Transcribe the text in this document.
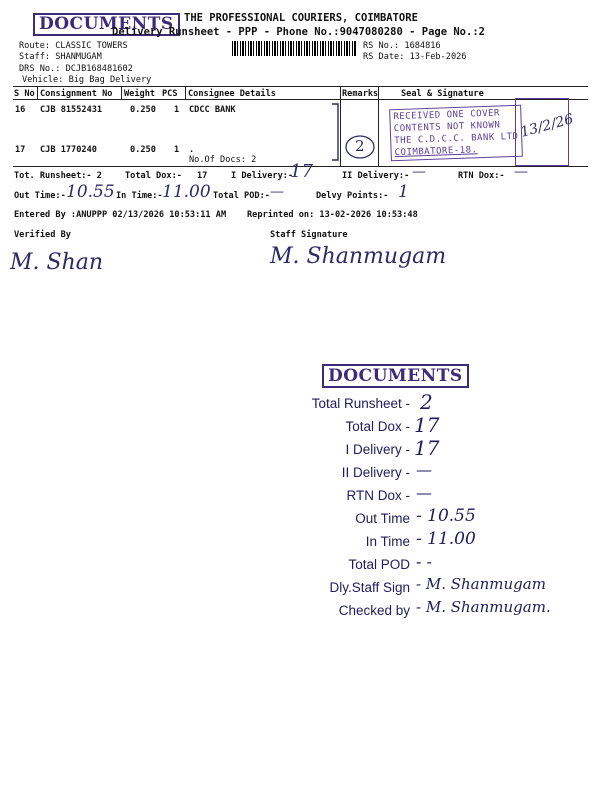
DOCUMENTS THE PROFESSIONAL COURIERS, COIMBATORE
Delivery Runsheet - PPP - Phone No.:9047080280 - Page No.:2
Route: CLASSIC TOWERS
Staff: SHANMUGAM
DRS No.: DCJB168481602
Vehicle: Big Bag Delivery
RS No.: 1684816
RS Date: 13-Feb-2026
S No Consignment No Weight PCS Consignee Details	Remarks	Seal & Signature
16 CJB 81552431	0.250 1 CDCC BANK
17 CJB 1770240	0.250 1 .
No.Of Docs: 2
2
RECEIVED ONE COVER
CONTENTS NOT KNOWN
THE C.D.C.C. BANK LTD
COIMBATORE-18.
13/2/26
Tot. Runsheet:- 2	Total Dox:- 17	I Delivery:-
17	II Delivery:- —	RTN Dox:- —
Out Time:- 10.55 In Time:- 11.00 Total POD:- —	Delvy Points:- 1
Entered By :ANUPPP 02/13/2026 10:53:11 AM Reprinted on: 13-02-2026 10:53:48
Verified By	Staff Signature
M. Shan	M. Shanmugam
DOCUMENTS
Total Runsheet - 2
Total Dox - 17
I Delivery - 17
II Delivery - —
RTN Dox - —
Out Time - 10.55
In Time - 11.00
Total POD - -
Dly.Staff Sign - M. Shanmugam
Checked by - M. Shanmugam.
